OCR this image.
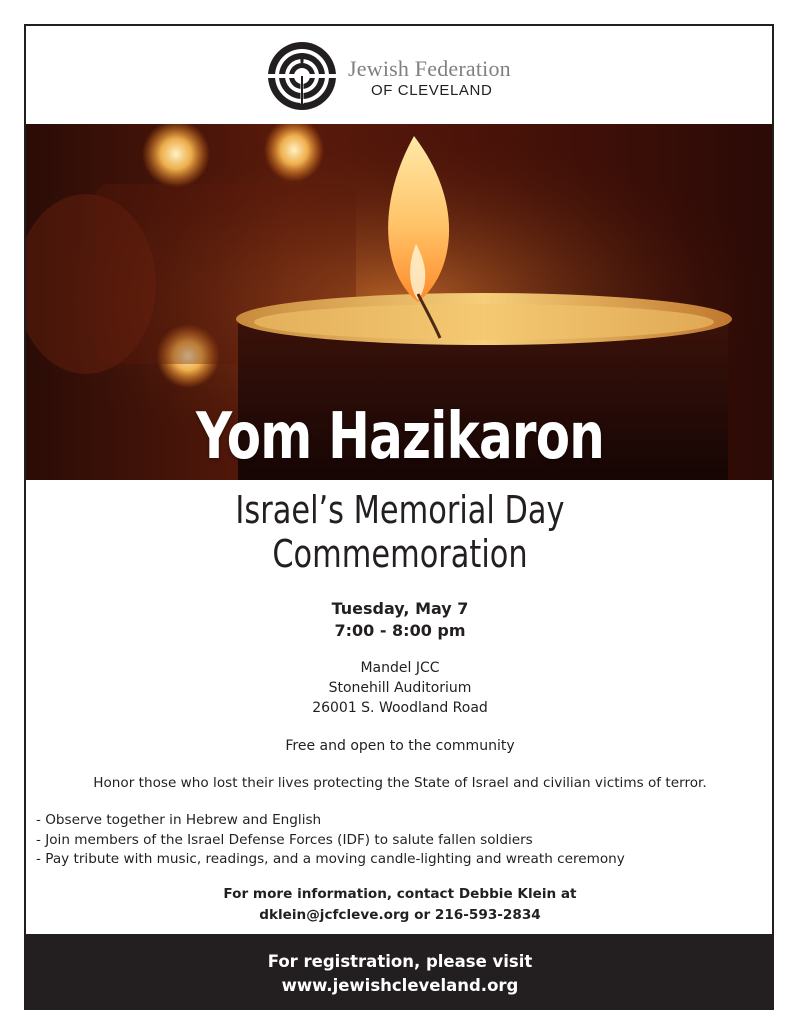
Jewish Federation
OF CLEVELAND
Yom Hazikaron
Israel’s Memorial Day
Commemoration
Tuesday, May 7
7:00 - 8:00 pm
Mandel JCC
Stonehill Auditorium
26001 S. Woodland Road
Free and open to the community
Honor those who lost their lives protecting the State of Israel and civilian victims of terror.
- Observe together in Hebrew and English
- Join members of the Israel Defense Forces (IDF) to salute fallen soldiers
- Pay tribute with music, readings, and a moving candle-lighting and wreath ceremony
For more information, contact Debbie Klein at
dklein@jcfcleve.org or 216-593-2834
For registration, please visit
www.jewishcleveland.org
